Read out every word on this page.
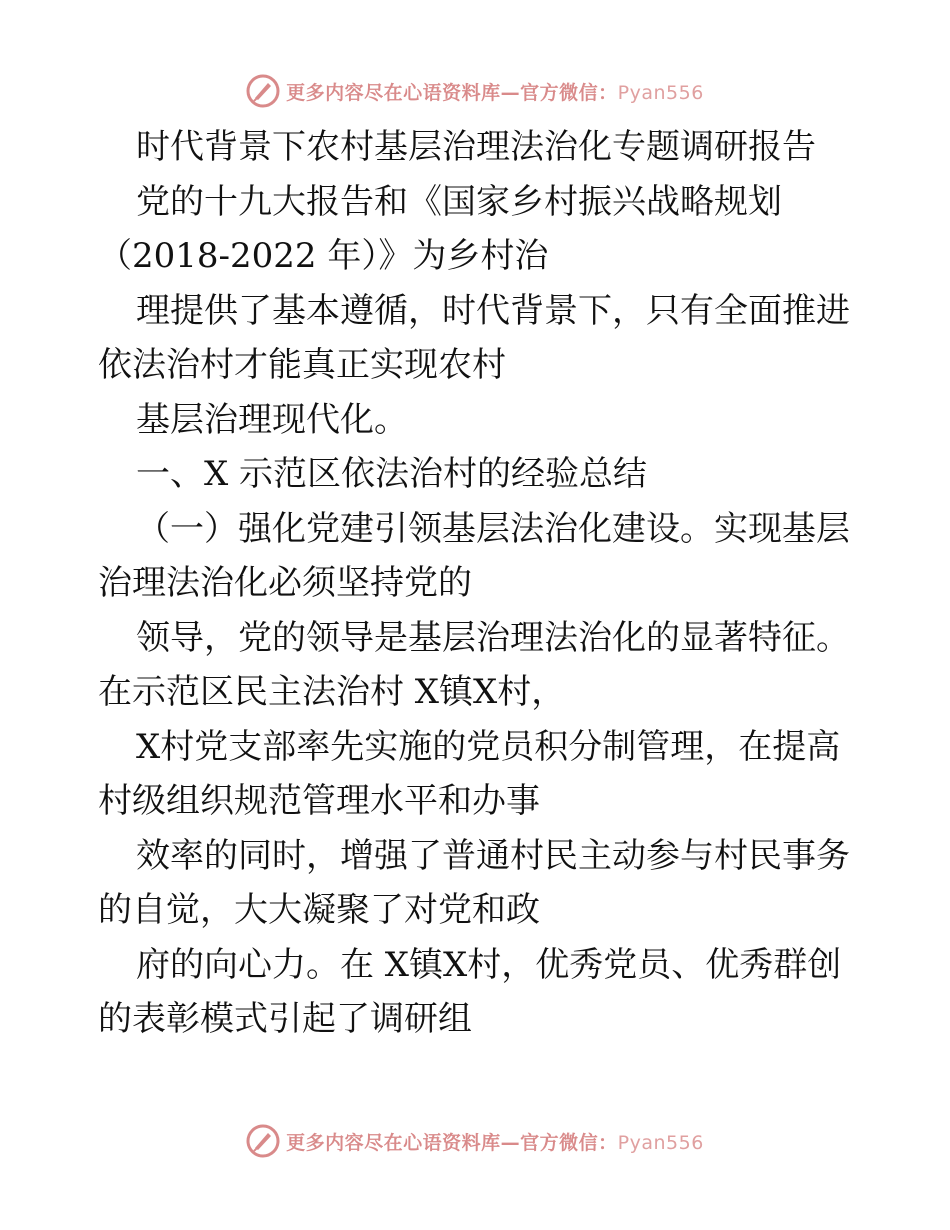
更多内容尽在心语资料库—官方微信：Pyan556
时代背景下农村基层治理法治化专题调研报告
党的十九大报告和《国家乡村振兴战略规划
（2018-2022 年）》为乡村治
理提供了基本遵循，时代背景下，只有全面推进
依法治村才能真正实现农村
基层治理现代化。
一、X 示范区依法治村的经验总结
（一）强化党建引领基层法治化建设。实现基层
治理法治化必须坚持党的
领导，党的领导是基层治理法治化的显著特征。
在示范区民主法治村 X镇X村，
X村党支部率先实施的党员积分制管理，在提高
村级组织规范管理水平和办事
效率的同时，增强了普通村民主动参与村民事务
的自觉，大大凝聚了对党和政
府的向心力。在 X镇X村，优秀党员、优秀群创
的表彰模式引起了调研组
更多内容尽在心语资料库—官方微信：Pyan556
